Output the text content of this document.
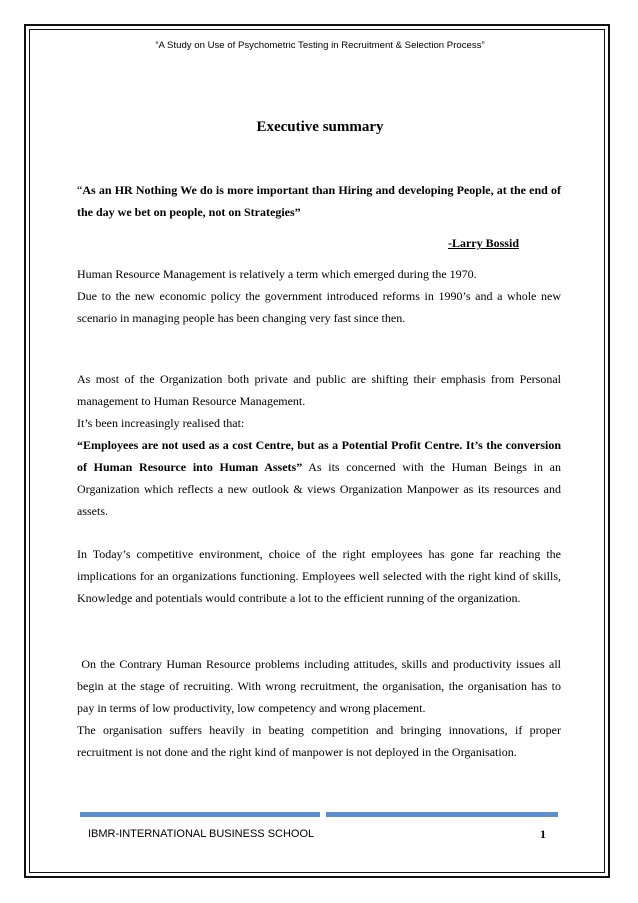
“A Study on Use of Psychometric Testing in Recruitment & Selection Process”
Executive summary
“As an HR Nothing We do is more important than Hiring and developing People, at the end of the day we bet on people, not on Strategies”
-Larry Bossid

Human Resource Management is relatively a term which emerged during the 1970.

Due to the new economic policy the government introduced reforms in 1990’s and a whole new scenario in managing people has been changing very fast since then.

As most of the Organization both private and public are shifting their emphasis from Personal management to Human Resource Management.

It’s been increasingly realised that:

“Employees are not used as a cost Centre, but as a Potential Profit Centre. It’s the conversion of Human Resource into Human Assets” As its concerned with the Human Beings in an Organization which reflects a new outlook & views Organization Manpower as its resources and assets.

In Today’s competitive environment, choice of the right employees has gone far reaching the implications for an organizations functioning. Employees well selected with the right kind of skills, Knowledge and potentials would contribute a lot to the efficient running of the organization.

On the Contrary Human Resource problems including attitudes, skills and productivity issues all begin at the stage of recruiting. With wrong recruitment, the organisation, the organisation has to pay in terms of low productivity, low competency and wrong placement.

The organisation suffers heavily in beating competition and bringing innovations, if proper recruitment is not done and the right kind of manpower is not deployed in the Organisation.

IBMR-INTERNATIONAL BUSINESS SCHOOL	1
